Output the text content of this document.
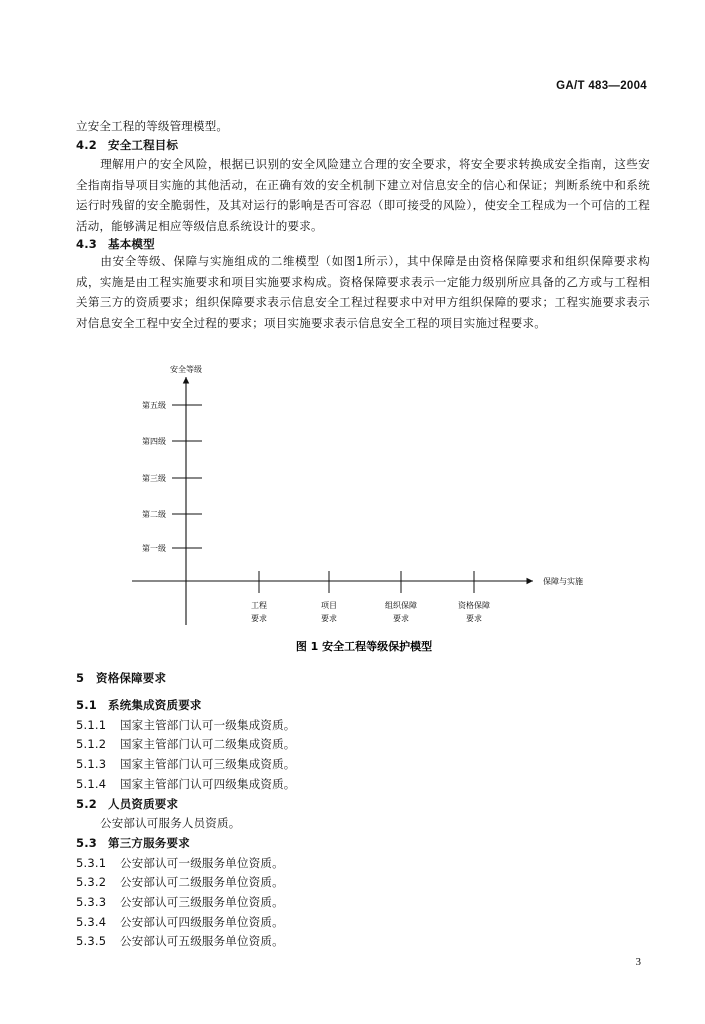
GA/T 483—2004
立安全工程的等级管理模型。
4.2 安全工程目标
理解用户的安全风险，根据已识别的安全风险建立合理的安全要求，将安全要求转换成安全指南，这些安全指南指导项目实施的其他活动，在正确有效的安全机制下建立对信息安全的信心和保证；判断系统中和系统运行时残留的安全脆弱性，及其对运行的影响是否可容忍（即可接受的风险），使安全工程成为一个可信的工程活动，能够满足相应等级信息系统设计的要求。
4.3 基本模型
由安全等级、保障与实施组成的二维模型（如图1所示），其中保障是由资格保障要求和组织保障要求构成，实施是由工程实施要求和项目实施要求构成。资格保障要求表示一定能力级别所应具备的乙方或与工程相关第三方的资质要求；组织保障要求表示信息安全工程过程要求中对甲方组织保障的要求；工程实施要求表示对信息安全工程中安全过程的要求；项目实施要求表示信息安全工程的项目实施过程要求。
安全等级
保障与实施
第五级
第四级
第三级
第二级
第一级
工程
要求
项目
要求
组织保障
要求
资格保障
要求
图 1 安全工程等级保护模型
5 资格保障要求
5.1 系统集成资质要求
5.1.1 国家主管部门认可一级集成资质。
5.1.2 国家主管部门认可二级集成资质。
5.1.3 国家主管部门认可三级集成资质。
5.1.4 国家主管部门认可四级集成资质。
5.2 人员资质要求
公安部认可服务人员资质。
5.3 第三方服务要求
5.3.1 公安部认可一级服务单位资质。
5.3.2 公安部认可二级服务单位资质。
5.3.3 公安部认可三级服务单位资质。
5.3.4 公安部认可四级服务单位资质。
5.3.5 公安部认可五级服务单位资质。
3
